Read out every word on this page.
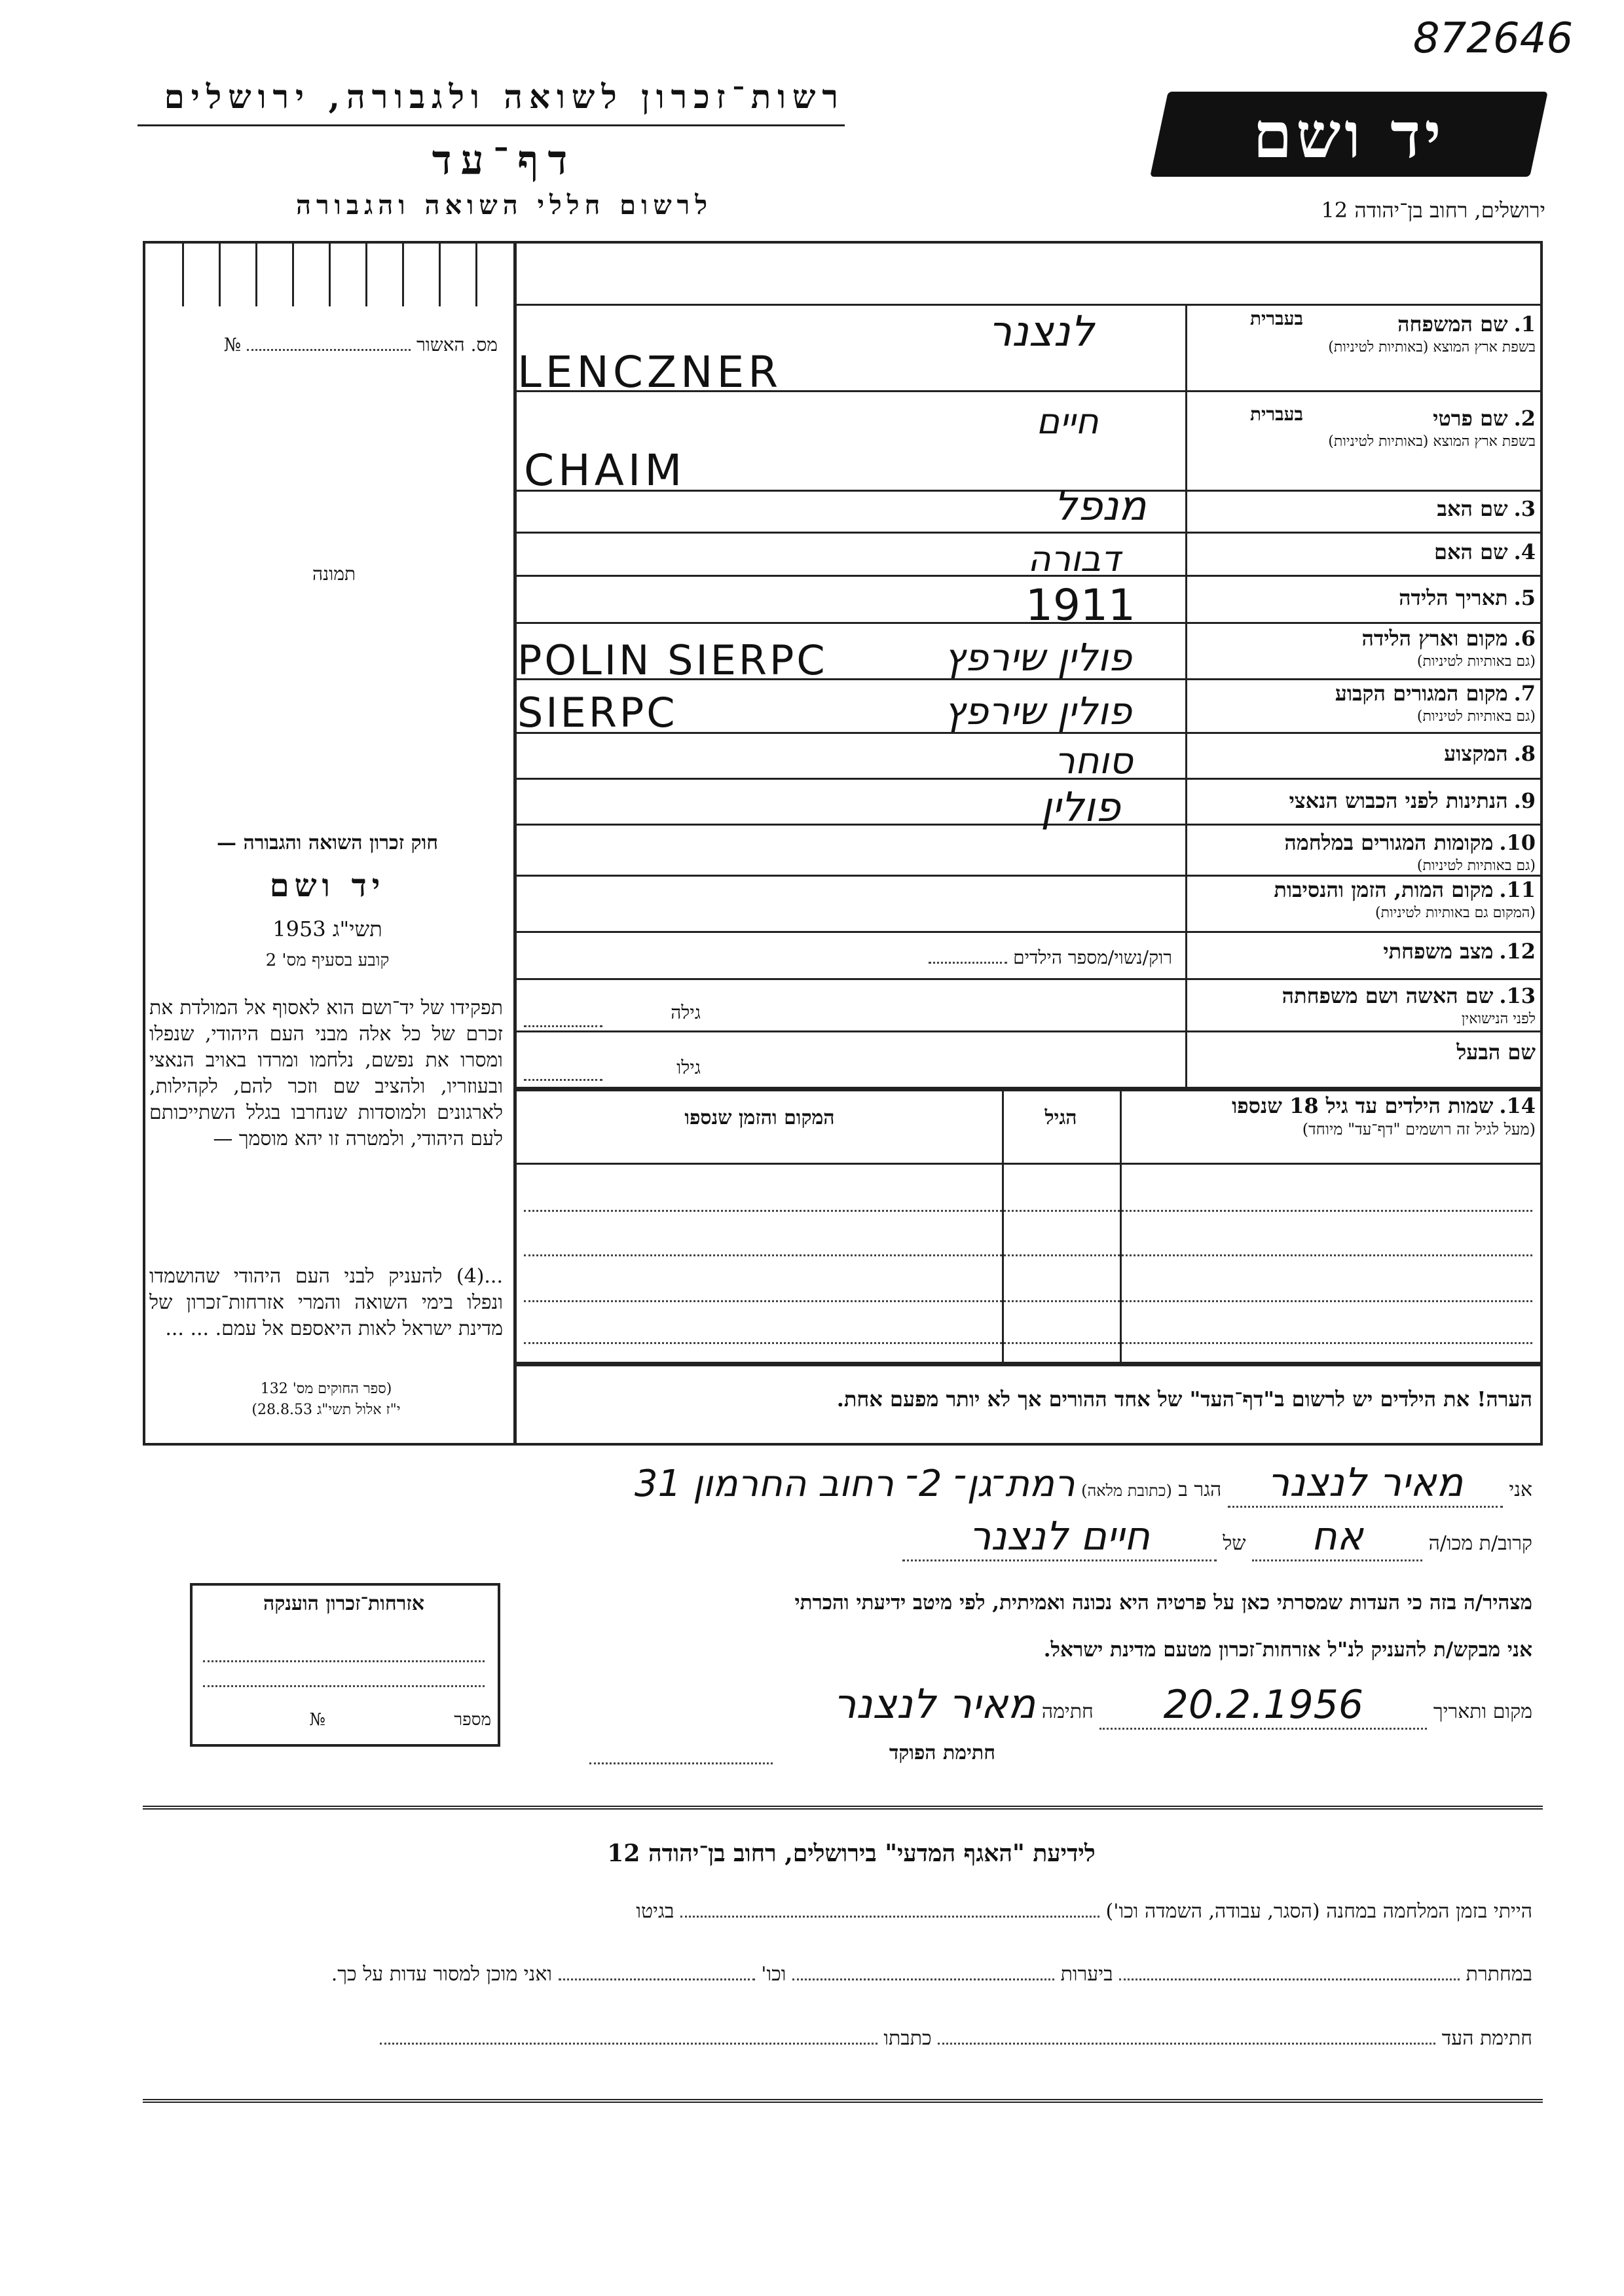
רשות־זכרון לשואה ולגבורה, ירושלים
דף־עד
לרשום חללי השואה והגבורה
יד ושם
872646
ירושלים, רחוב בן־יהודה 12
מס. האשור  №
תמונה
חוק זכרון השואה והגבורה —
יד ושם
תשי"ג 1953
קובע בסעיף מס' 2
תפקידו של יד־ושם הוא לאסוף אל המולדת את זכרם של כל אלה מבני העם היהודי, שנפלו ומסרו את נפשם, נלחמו ומרדו באויב הנאצי ובעוזריו, ולהציב שם וזכר להם, לקהילות, לארגונים ולמוסדות שנחרבו בגלל השתייכותם לעם היהודי, ולמטרה זו יהא מוסמך —
...(4) להעניק לבני העם היהודי שהושמדו ונפלו בימי השואה והמרי אזרחות־זכרון של מדינת ישראל לאות היאספם אל עמם. ... ...
(ספר החוקים מס' 132
י"ז אלול תשי"ג 28.8.53)
1. שם המשפחה
בשפת ארץ המוצא (באותיות לטיניות)
בעברית
2. שם פרטי
בשפת ארץ המוצא (באותיות לטיניות)
בעברית
3. שם האב
4. שם האם
5. תאריך הלידה
6. מקום וארץ הלידה
(גם באותיות לטיניות)
7. מקום המגורים הקבוע
(גם באותיות לטיניות)
8. המקצוע
9. הנתינות לפני הכבוש הנאצי
10. מקומות המגורים במלחמה
(גם באותיות לטיניות)
11. מקום המות, הזמן והנסיבות
(המקום גם באותיות לטיניות)
12. מצב משפחתי
רוק/נשוי/מספר הילדים
13. שם האשה ושם משפחתה
לפני הנישואין
גילה
שם הבעל
גילו
לנצנר
LENCZNER
חיים
CHAIM
מנפל
דבורה
1911
POLIN SIERPC	פולין שירפץ
SIERPC	פולין שירפץ
סוחר
פולין
14. שמות הילדים עד גיל 18 שנספו
(מעל לגיל זה רושמים "דף־עד" מיוחד)
הגיל
המקום והזמן שנספו
הערה! את הילדים יש לרשום ב"דף־העד" של אחד ההורים אך לא יותר מפעם אחת.
אני מאיר לנצנר הגר ב (כתובת מלאה) רמת־גן־ 2־ רחוב החרמון 31
קרוב/ת מכו/ה אח של חיים לנצנר
מצהיר/ה בזה כי העדות שמסרתי כאן על פרטיה היא נכונה ואמיתית, לפי מיטב ידיעתי והכרתי
אני מבקש/ת להעניק לנ"ל אזרחות־זכרון מטעם מדינת ישראל.
מקום ותאריך 20.2.1956 חתימה מאיר לנצנר
חתימת הפוקד
אזרחות־זכרון הוענקה
מספר  №
לידיעת "האגף המדעי" בירושלים, רחוב בן־יהודה 12
הייתי בזמן המלחמה במחנה (הסגר, עבודה, השמדה וכו')  בגיטו
במחתרת  ביערות  וכו'  ואני מוכן למסור עדות על כך.
חתימת העד  כתבתו
